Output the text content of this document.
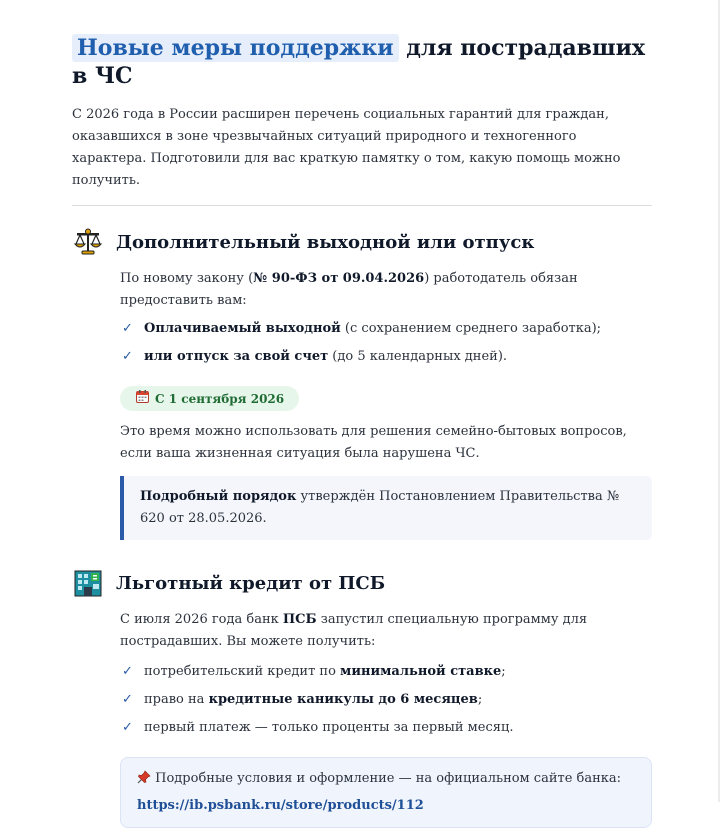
Новые меры поддержки для пострадавших в ЧС

С 2026 года в России расширен перечень социальных гарантий для граждан, оказавшихся в зоне чрезвычайных ситуаций природного и техногенного характера. Подготовили для вас краткую памятку о том, какую помощь можно получить.

Дополнительный выходной или отпуск
По новому закону (№ 90-ФЗ от 09.04.2026) работодатель обязан предоставить вам:
✓ Оплачиваемый выходной (с сохранением среднего заработка);
✓ или отпуск за свой счет (до 5 календарных дней).
С 1 сентября 2026

Это время можно использовать для решения семейно-бытовых вопросов, если ваша жизненная ситуация была нарушена ЧС.

Подробный порядок утверждён Постановлением Правительства № 620 от 28.05.2026.
Льготный кредит от ПСБ
С июля 2026 года банк ПСБ запустил специальную программу для пострадавших. Вы можете получить:
✓ потребительский кредит по минимальной ставке;
✓ право на кредитные каникулы до 6 месяцев;
✓ первый платеж — только проценты за первый месяц.
Подробные условия и оформление — на официальном сайте банка:
https://ib.psbank.ru/store/products/112
